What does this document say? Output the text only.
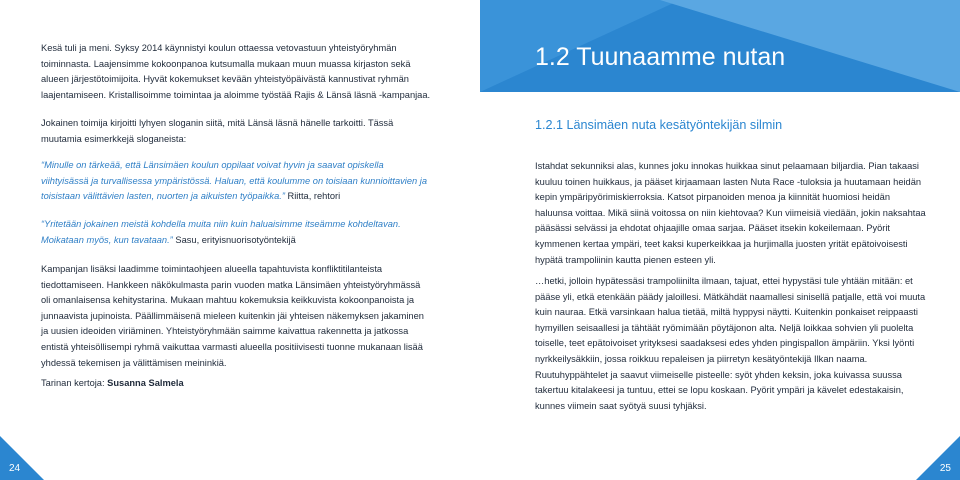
Kesä tuli ja meni. Syksy 2014 käynnistyi koulun ottaessa vetovastuun yhteistyöryhmän toiminnasta. Laajensimme kokoonpanoa kutsumalla mukaan muun muassa kirjaston sekä alueen järjestötoimijoita. Hyvät kokemukset kevään yhteistyöpäivästä kannustivat ryhmän laajentamiseen. Kristallisoimme toimintaa ja aloimme työstää Rajis & Länsä läsnä -kampanjaa.

Jokainen toimija kirjoitti lyhyen sloganin siitä, mitä Länsä läsnä hänelle tarkoitti. Tässä muutamia esimerkkejä sloganeista:

“Minulle on tärkeää, että Länsimäen koulun oppilaat voivat hyvin ja saavat opiskella viihtyisässä ja turvallisessa ympäristössä. Haluan, että koulumme on toisiaan kunnioittavien ja toisistaan välittävien lasten, nuorten ja aikuisten työpaikka.” Riitta, rehtori

“Yritetään jokainen meistä kohdella muita niin kuin haluaisimme itseämme kohdeltavan. Moikataan myös, kun tavataan.” Sasu, erityisnuorisotyöntekijä

Kampanjan lisäksi laadimme toimintaohjeen alueella tapahtuvista konfliktitilanteista tiedottamiseen. Hankkeen näkökulmasta parin vuoden matka Länsimäen yhteistyöryhmässä oli omanlaisensa kehitystarina. Mukaan mahtuu kokemuksia keikkuvista kokoonpanoista ja junnaavista jupinoista. Päällimmäisenä mieleen kuitenkin jäi yhteisen näkemyksen jakaminen ja uusien ideoiden viriäminen. Yhteistyöryhmään saimme kaivattua rakennetta ja jatkossa entistä yhteisöllisempi ryhmä vaikuttaa varmasti alueella positiivisesti tuonne mukanaan lisää yhdessä tekemisen ja välittämisen meininkiä.

Tarinan kertoja: Susanna Salmela

24
1.2 Tuunaamme nutan
1.2.1 Länsimäen nuta kesätyöntekijän silmin

Istahdat sekunniksi alas, kunnes joku innokas huikkaa sinut pelaamaan biljardia. Pian takaasi kuuluu toinen huikkaus, ja pääset kirjaamaan lasten Nuta Race -tuloksia ja huutamaan heidän kepin ympäripyörimiskierroksia. Katsot pirpanoiden menoa ja kiinnität huomiosi heidän haluunsa voittaa. Mikä siinä voitossa on niin kiehtovaa? Kun viimeisiä viedään, jokin naksahtaa pääsässi selvässi ja ehdotat ohjaajille omaa sarjaa. Pääset itsekin kokeilemaan. Pyörit kymmenen kertaa ympäri, teet kaksi kuperkeikkaa ja hurjimalla juosten yrität epätoivoisesti hypätä trampoliinin kautta pienen esteen yli.

…hetki, jolloin hypätessäsi trampoliinilta ilmaan, tajuat, ettei hypystäsi tule yhtään mitään: et pääse yli, etkä etenkään päädy jaloillesi. Mätkähdät naamallesi sinisellä patjalle, että voi muuta kuin nauraa. Etkä varsinkaan halua tietää, miltä hyppysi näytti. Kuitenkin ponkaiset reippaasti hymyillen seisaallesi ja tähtäät ryömimään pöytäjonon alta. Neljä loikkaa sohvien yli puolelta toiselle, teet epätoivoiset yrityksesi saadaksesi edes yhden pingispallon ämpäriin. Yksi lyönti nyrkkeilysäkkiin, jossa roikkuu repaleisen ja piirretyn kesätyöntekijä Ilkan naama. Ruutuhyppähtelet ja saavut viimeiselle pisteelle: syöt yhden keksin, joka kuivassa suussa takertuu kitalakeesi ja tuntuu, ettei se lopu koskaan. Pyörit ympäri ja kävelet edestakaisin, kunnes viimein saat syötyä suusi tyhjäksi.

25
